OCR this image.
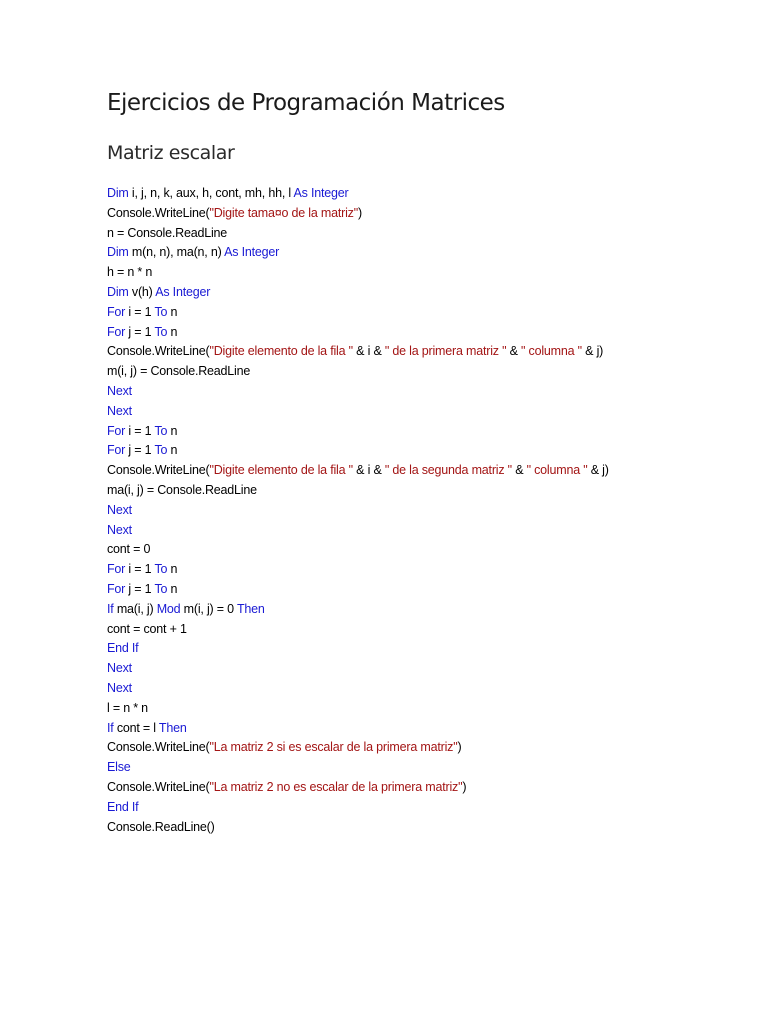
Ejercicios de Programación Matrices
Matriz escalar
Dim i, j, n, k, aux, h, cont, mh, hh, l As Integer
Console.WriteLine("Digite tama¤o de la matriz")
n = Console.ReadLine
Dim m(n, n), ma(n, n) As Integer
h = n * n
Dim v(h) As Integer
For i = 1 To n
For j = 1 To n
Console.WriteLine("Digite elemento de la fila " & i & " de la primera matriz " & " columna " & j)
m(i, j) = Console.ReadLine
Next
Next
For i = 1 To n
For j = 1 To n
Console.WriteLine("Digite elemento de la fila " & i & " de la segunda matriz " & " columna " & j)
ma(i, j) = Console.ReadLine
Next
Next
cont = 0
For i = 1 To n
For j = 1 To n
If ma(i, j) Mod m(i, j) = 0 Then
cont = cont + 1
End If
Next
Next
l = n * n
If cont = l Then
Console.WriteLine("La matriz 2 si es escalar de la primera matriz")
Else
Console.WriteLine("La matriz 2 no es escalar de la primera matriz")
End If
Console.ReadLine()
